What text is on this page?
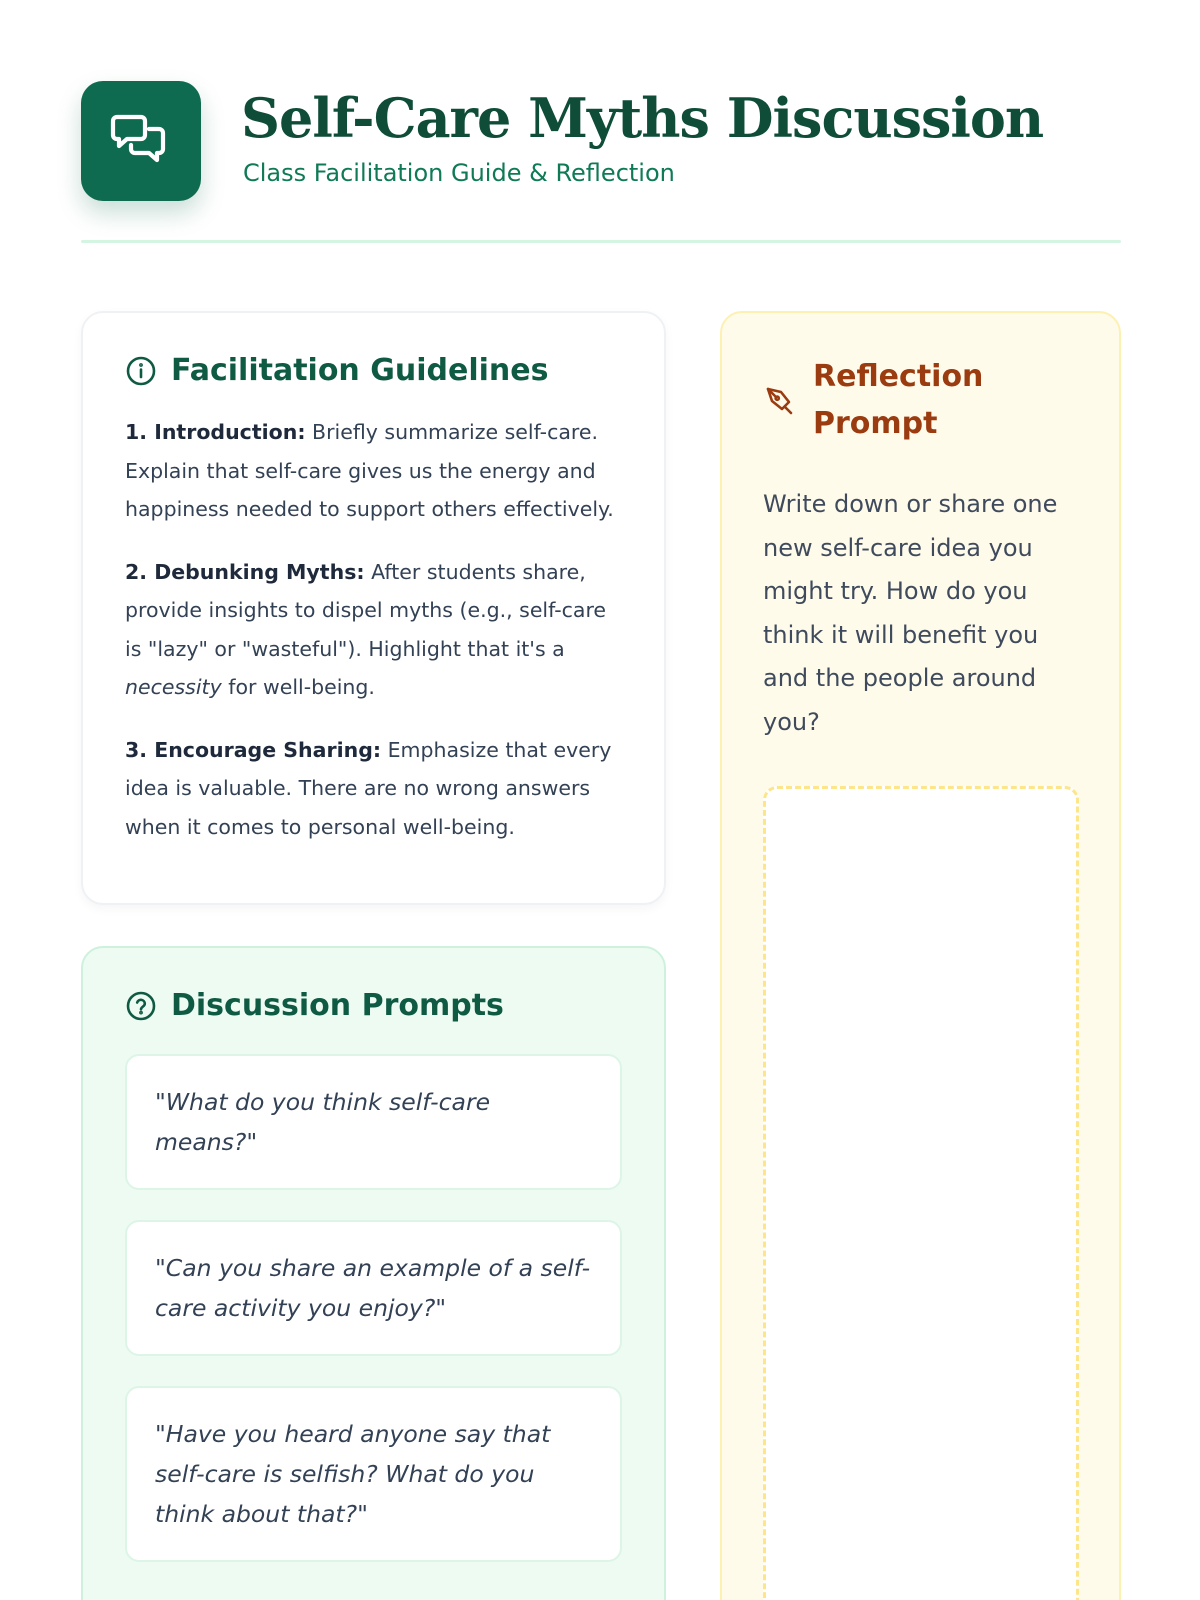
Self-Care Myths Discussion
Class Facilitation Guide & Reflection
Facilitation Guidelines

1. Introduction: Briefly summarize self-care. Explain that self-care gives us the energy and happiness needed to support others effectively.

2. Debunking Myths: After students share, provide insights to dispel myths (e.g., self-care is "lazy" or "wasteful"). Highlight that it's a necessity for well-being.

3. Encourage Sharing: Emphasize that every idea is valuable. There are no wrong answers when it comes to personal well-being.

Discussion Prompts
"What do you think self-care means?"
"Can you share an example of a self-care activity you enjoy?"
"Have you heard anyone say that self-care is selfish? What do you think about that?"
Reflection Prompt

Write down or share one new self-care idea you might try. How do you think it will benefit you and the people around you?
